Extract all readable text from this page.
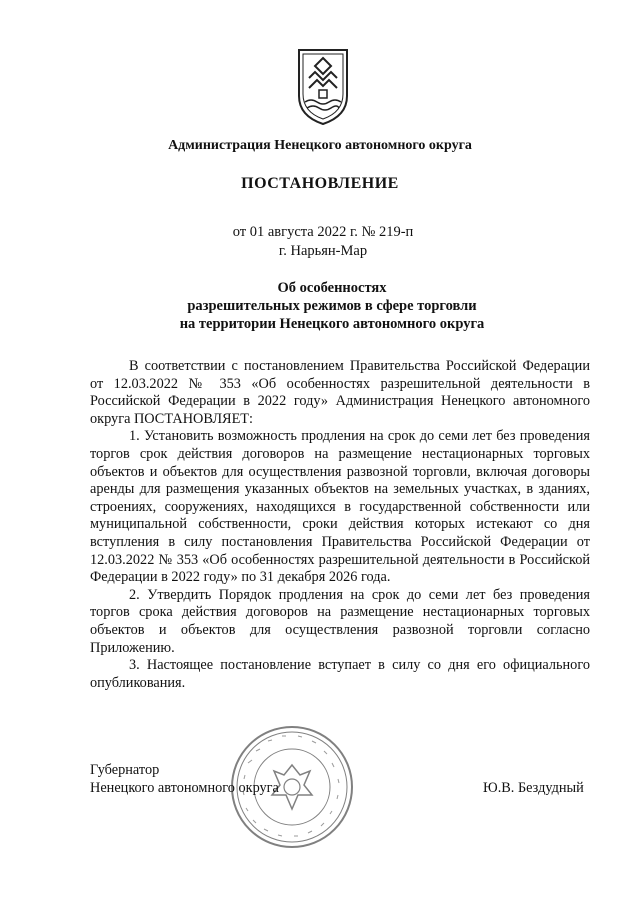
Администрация Ненецкого автономного округа
ПОСТАНОВЛЕНИЕ
от 01 августа 2022 г. № 219-п
г. Нарьян-Мар
Об особенностях
разрешительных режимов в сфере торговли
на территории Ненецкого автономного округа

В соответствии с постановлением Правительства Российской Федерации от 12.03.2022 № 353 «Об особенностях разрешительной деятельности в Российской Федерации в 2022 году» Администрация Ненецкого автономного округа ПОСТАНОВЛЯЕТ:

1. Установить возможность продления на срок до семи лет без проведения торгов срок действия договоров на размещение нестационарных торговых объектов и объектов для осуществления развозной торговли, включая договоры аренды для размещения указанных объектов на земельных участках, в зданиях, строениях, сооружениях, находящихся в государственной собственности или муниципальной собственности, сроки действия которых истекают со дня вступления в силу постановления Правительства Российской Федерации от 12.03.2022 № 353 «Об особенностях разрешительной деятельности в Российской Федерации в 2022 году» по 31 декабря 2026 года.

2. Утвердить Порядок продления на срок до семи лет без проведения торгов срока действия договоров на размещение нестационарных торговых объектов и объектов для осуществления развозной торговли согласно Приложению.

3. Настоящее постановление вступает в силу со дня его официального опубликования.

Губернатор
Ненецкого автономного округа	Ю.В. Бездудный
